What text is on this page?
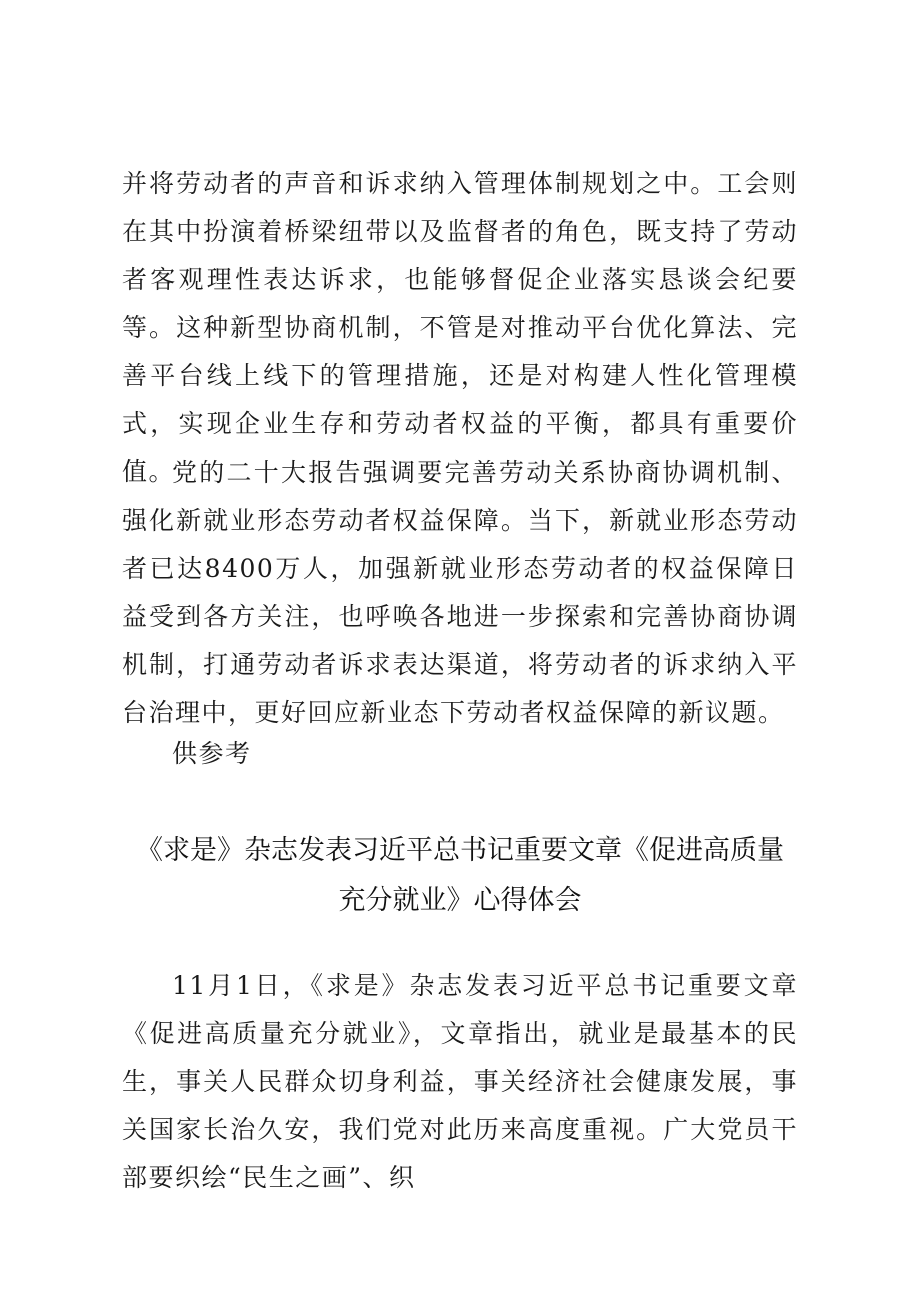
并将劳动者的声音和诉求纳入管理体制规划之中。工会则在其中扮演着桥梁纽带以及监督者的角色，既支持了劳动者客观理性表达诉求，也能够督促企业落实恳谈会纪要等。这种新型协商机制，不管是对推动平台优化算法、完善平台线上线下的管理措施，还是对构建人性化管理模式，实现企业生存和劳动者权益的平衡，都具有重要价值。

党的二十大报告强调要完善劳动关系协商协调机制、强化新就业形态劳动者权益保障。当下，新就业形态劳动者已达8400万人，加强新就业形态劳动者的权益保障日益受到各方关注，也呼唤各地进一步探索和完善协商协调机制，打通劳动者诉求表达渠道，将劳动者的诉求纳入平台治理中，更好回应新业态下劳动者权益保障的新议题。

供参考

《求是》杂志发表习近平总书记重要文章《促进高质量
充分就业》心得体会

11月1日，《求是》杂志发表习近平总书记重要文章《促进高质量充分就业》，文章指出，就业是最基本的民生，事关人民群众切身利益，事关经济社会健康发展，事关国家长治久安，我们党对此历来高度重视。广大党员干部要织绘“民生之画”、织
